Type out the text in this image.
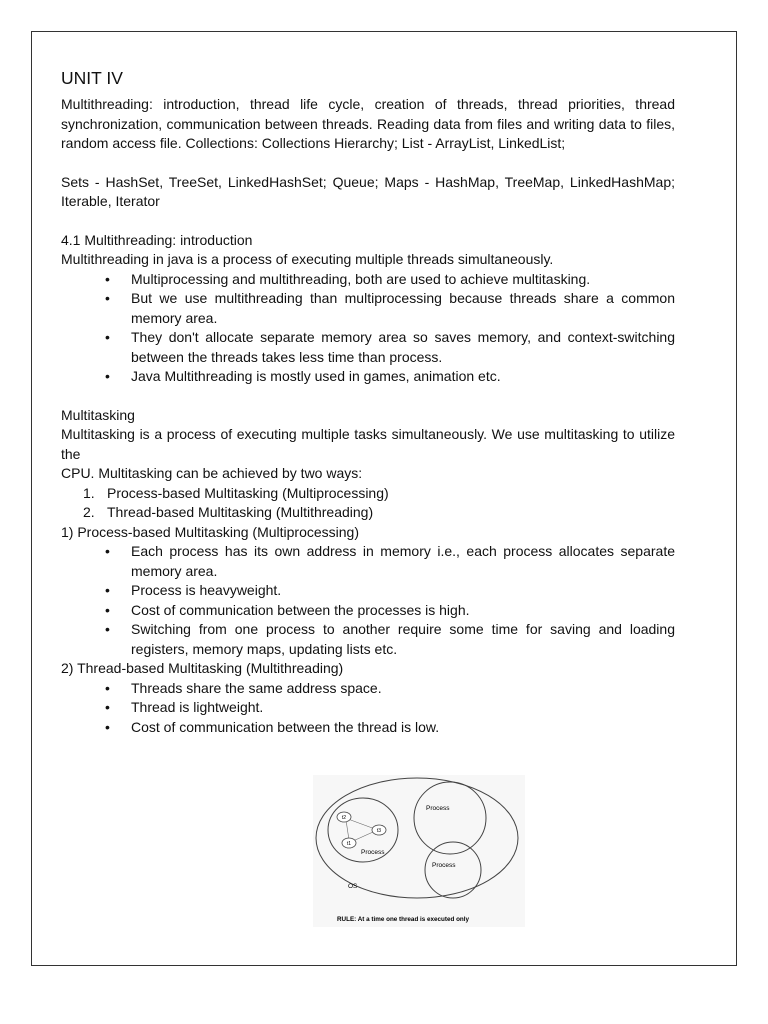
UNIT IV

Multithreading: introduction, thread life cycle, creation of threads, thread priorities, thread synchronization, communication between threads. Reading data from files and writing data to files, random access file. Collections: Collections Hierarchy; List - ArrayList, LinkedList;

Sets - HashSet, TreeSet, LinkedHashSet; Queue; Maps - HashMap, TreeMap, LinkedHashMap; Iterable, Iterator

4.1 Multithreading: introduction

Multithreading in java is a process of executing multiple threads simultaneously.

• Multiprocessing and multithreading, both are used to achieve multitasking.
• But we use multithreading than multiprocessing because threads share a common memory area.
• They don't allocate separate memory area so saves memory, and context-switching between the threads takes less time than process.
• Java Multithreading is mostly used in games, animation etc.
Multitasking

Multitasking is a process of executing multiple tasks simultaneously. We use multitasking to utilize the

CPU. Multitasking can be achieved by two ways:

1. Process-based Multitasking (Multiprocessing)
2. Thread-based Multitasking (Multithreading)
1) Process-based Multitasking (Multiprocessing)
• Each process has its own address in memory i.e., each process allocates separate memory area.
• Process is heavyweight.
• Cost of communication between the processes is high.
• Switching from one process to another require some time for saving and loading registers, memory maps, updating lists etc.
2) Thread-based Multitasking (Multithreading)
• Threads share the same address space.
• Thread is lightweight.
• Cost of communication between the thread is low.
t2
t3
t1
Process
Process
Process
OS
RULE: At a time one thread is executed only
